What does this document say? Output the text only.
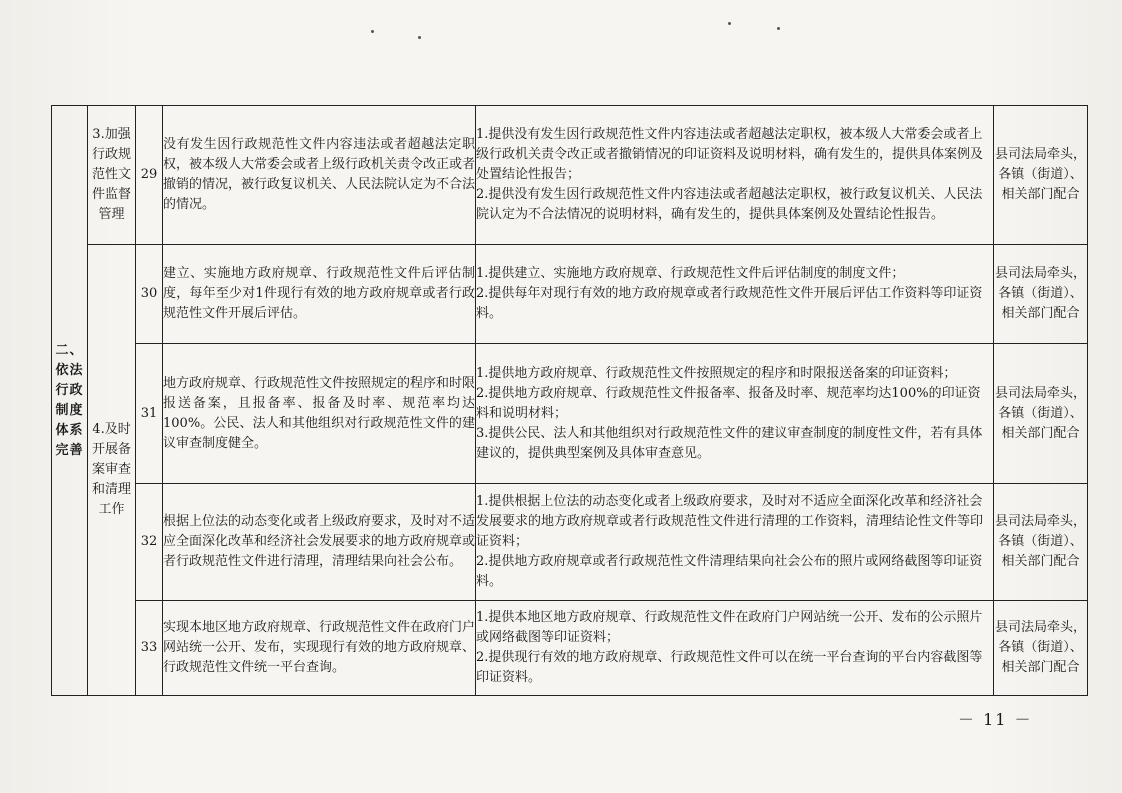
二、依法行政制度体系完善	3.加强行政规范性文件监督管理	29	没有发生因行政规范性文件内容违法或者超越法定职权，被本级人大常委会或者上级行政机关责令改正或者撤销的情况，被行政复议机关、人民法院认定为不合法的情况。	1.提供没有发生因行政规范性文件内容违法或者超越法定职权，被本级人大常委会或者上级行政机关责令改正或者撤销情况的印证资料及说明材料，确有发生的，提供具体案例及处置结论性报告；
2.提供没有发生因行政规范性文件内容违法或者超越法定职权，被行政复议机关、人民法院认定为不合法情况的说明材料，确有发生的，提供具体案例及处置结论性报告。	县司法局牵头，各镇（街道）、相关部门配合
	4.及时开展备案审查和清理工作	30	建立、实施地方政府规章、行政规范性文件后评估制度，每年至少对1件现行有效的地方政府规章或者行政规范性文件开展后评估。	1.提供建立、实施地方政府规章、行政规范性文件后评估制度的制度文件；
2.提供每年对现行有效的地方政府规章或者行政规范性文件开展后评估工作资料等印证资料。	县司法局牵头，各镇（街道）、相关部门配合
		31	地方政府规章、行政规范性文件按照规定的程序和时限报送备案，且报备率、报备及时率、规范率均达100%。公民、法人和其他组织对行政规范性文件的建议审查制度健全。	1.提供地方政府规章、行政规范性文件按照规定的程序和时限报送备案的印证资料；
2.提供地方政府规章、行政规范性文件报备率、报备及时率、规范率均达100%的印证资料和说明材料；
3.提供公民、法人和其他组织对行政规范性文件的建议审查制度的制度性文件，若有具体建议的，提供典型案例及具体审查意见。	县司法局牵头，各镇（街道）、相关部门配合
		32	根据上位法的动态变化或者上级政府要求，及时对不适应全面深化改革和经济社会发展要求的地方政府规章或者行政规范性文件进行清理，清理结果向社会公布。	1.提供根据上位法的动态变化或者上级政府要求，及时对不适应全面深化改革和经济社会发展要求的地方政府规章或者行政规范性文件进行清理的工作资料，清理结论性文件等印证资料；
2.提供地方政府规章或者行政规范性文件清理结果向社会公布的照片或网络截图等印证资料。	县司法局牵头，各镇（街道）、相关部门配合
		33	实现本地区地方政府规章、行政规范性文件在政府门户网站统一公开、发布，实现现行有效的地方政府规章、行政规范性文件统一平台查询。	1.提供本地区地方政府规章、行政规范性文件在政府门户网站统一公开、发布的公示照片或网络截图等印证资料；
2.提供现行有效的地方政府规章、行政规范性文件可以在统一平台查询的平台内容截图等印证资料。	县司法局牵头，各镇（街道）、相关部门配合
－ 11 －
